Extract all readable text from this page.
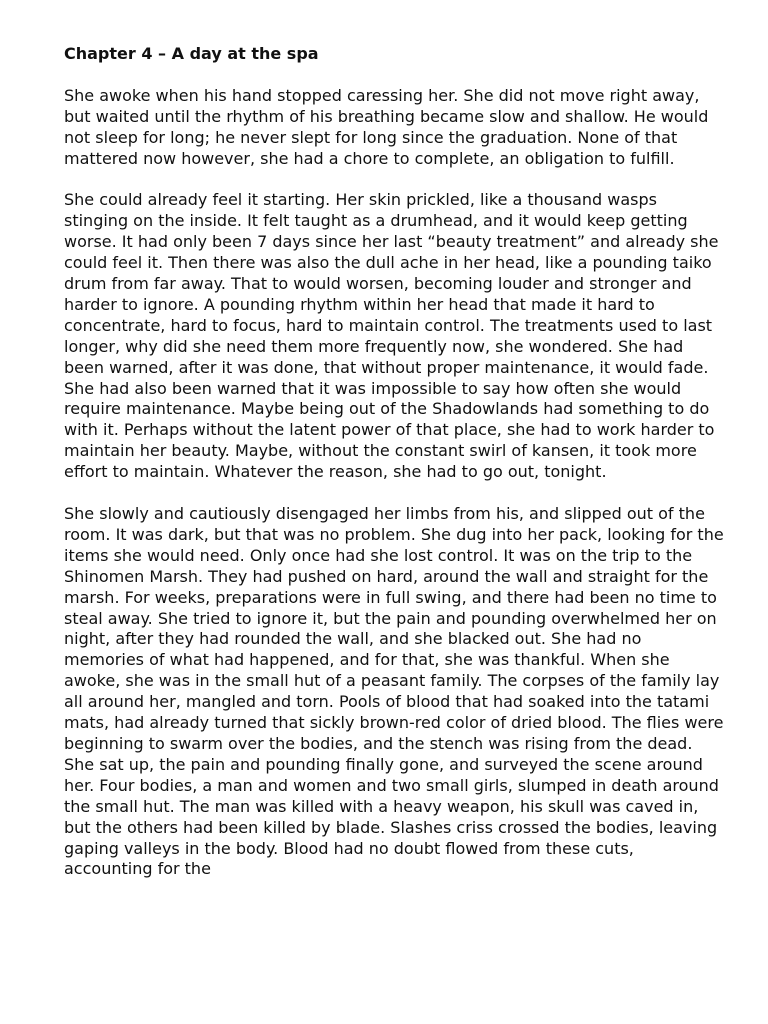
Chapter 4 – A day at the spa

She awoke when his hand stopped caressing her. She did not move right away, but waited until the rhythm of his breathing became slow and shallow. He would not sleep for long; he never slept for long since the graduation. None of that mattered now however, she had a chore to complete, an obligation to fulfill.

She could already feel it starting. Her skin prickled, like a thousand wasps stinging on the inside. It felt taught as a drumhead, and it would keep getting worse. It had only been 7 days since her last “beauty treatment” and already she could feel it. Then there was also the dull ache in her head, like a pounding taiko drum from far away. That to would worsen, becoming louder and stronger and harder to ignore. A pounding rhythm within her head that made it hard to concentrate, hard to focus, hard to maintain control. The treatments used to last longer, why did she need them more frequently now, she wondered. She had been warned, after it was done, that without proper maintenance, it would fade. She had also been warned that it was impossible to say how often she would require maintenance. Maybe being out of the Shadowlands had something to do with it. Perhaps without the latent power of that place, she had to work harder to maintain her beauty. Maybe, without the constant swirl of kansen, it took more effort to maintain. Whatever the reason, she had to go out, tonight.

She slowly and cautiously disengaged her limbs from his, and slipped out of the room. It was dark, but that was no problem. She dug into her pack, looking for the items she would need. Only once had she lost control. It was on the trip to the Shinomen Marsh. They had pushed on hard, around the wall and straight for the marsh. For weeks, preparations were in full swing, and there had been no time to steal away. She tried to ignore it, but the pain and pounding overwhelmed her on night, after they had rounded the wall, and she blacked out. She had no memories of what had happened, and for that, she was thankful. When she awoke, she was in the small hut of a peasant family. The corpses of the family lay all around her, mangled and torn. Pools of blood that had soaked into the tatami mats, had already turned that sickly brown-red color of dried blood. The flies were beginning to swarm over the bodies, and the stench was rising from the dead. She sat up, the pain and pounding finally gone, and surveyed the scene around her. Four bodies, a man and women and two small girls, slumped in death around the small hut. The man was killed with a heavy weapon, his skull was caved in, but the others had been killed by blade. Slashes criss crossed the bodies, leaving gaping valleys in the body. Blood had no doubt flowed from these cuts, accounting for the
